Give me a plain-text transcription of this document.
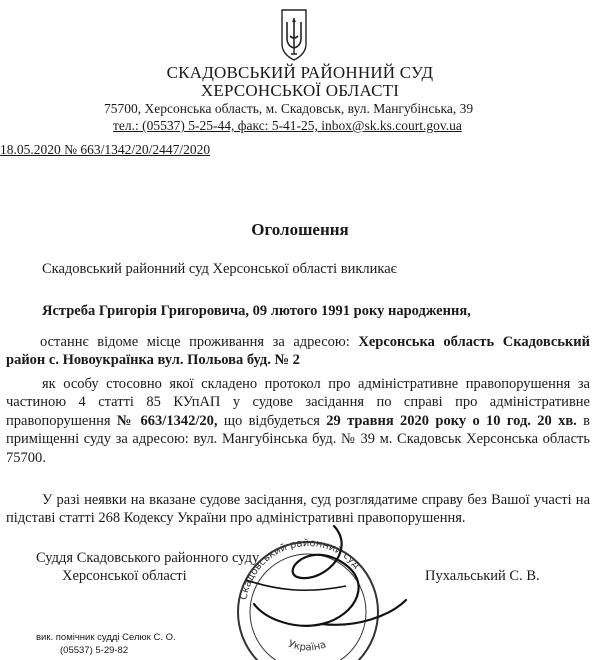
СКАДОВСЬКИЙ РАЙОННИЙ СУД
ХЕРСОНСЬКОЇ ОБЛАСТІ
75700, Херсонська область, м. Скадовськ, вул. Мангубінська, 39
тел.: (05537) 5-25-44, факс: 5-41-25, inbox@sk.ks.court.gov.ua
18.05.2020 № 663/1342/20/2447/2020
Оголошення
Скадовський районний суд Херсонської області викликає
Ястреба Григорія Григоровича, 09 лютого 1991 року народження,
останнє відоме місце проживання за адресою: Херсонська область Скадовський район с. Новоукраїнка вул. Польова буд. № 2
як особу стосовно якої складено протокол про адміністративне правопорушення за частиною 4 статті 85 КУпАП у судове засідання по справі про адміністративне правопорушення № 663/1342/20, що відбудеться 29 травня 2020 року о 10 год. 20 хв. в приміщенні суду за адресою: вул. Мангубінська буд. № 39 м. Скадовськ Херсонська область 75700.
У разі неявки на вказане судове засідання, суд розглядатиме справу без Вашої участі на підставі статті 268 Кодексу України про адміністративні правопорушення.
Суддя Скадовського районного суду
Херсонської області	Пухальський С. В.
Скадовський районний суд
Україна
вик. помічник судді Селюк С. О.
(05537) 5-29-82
